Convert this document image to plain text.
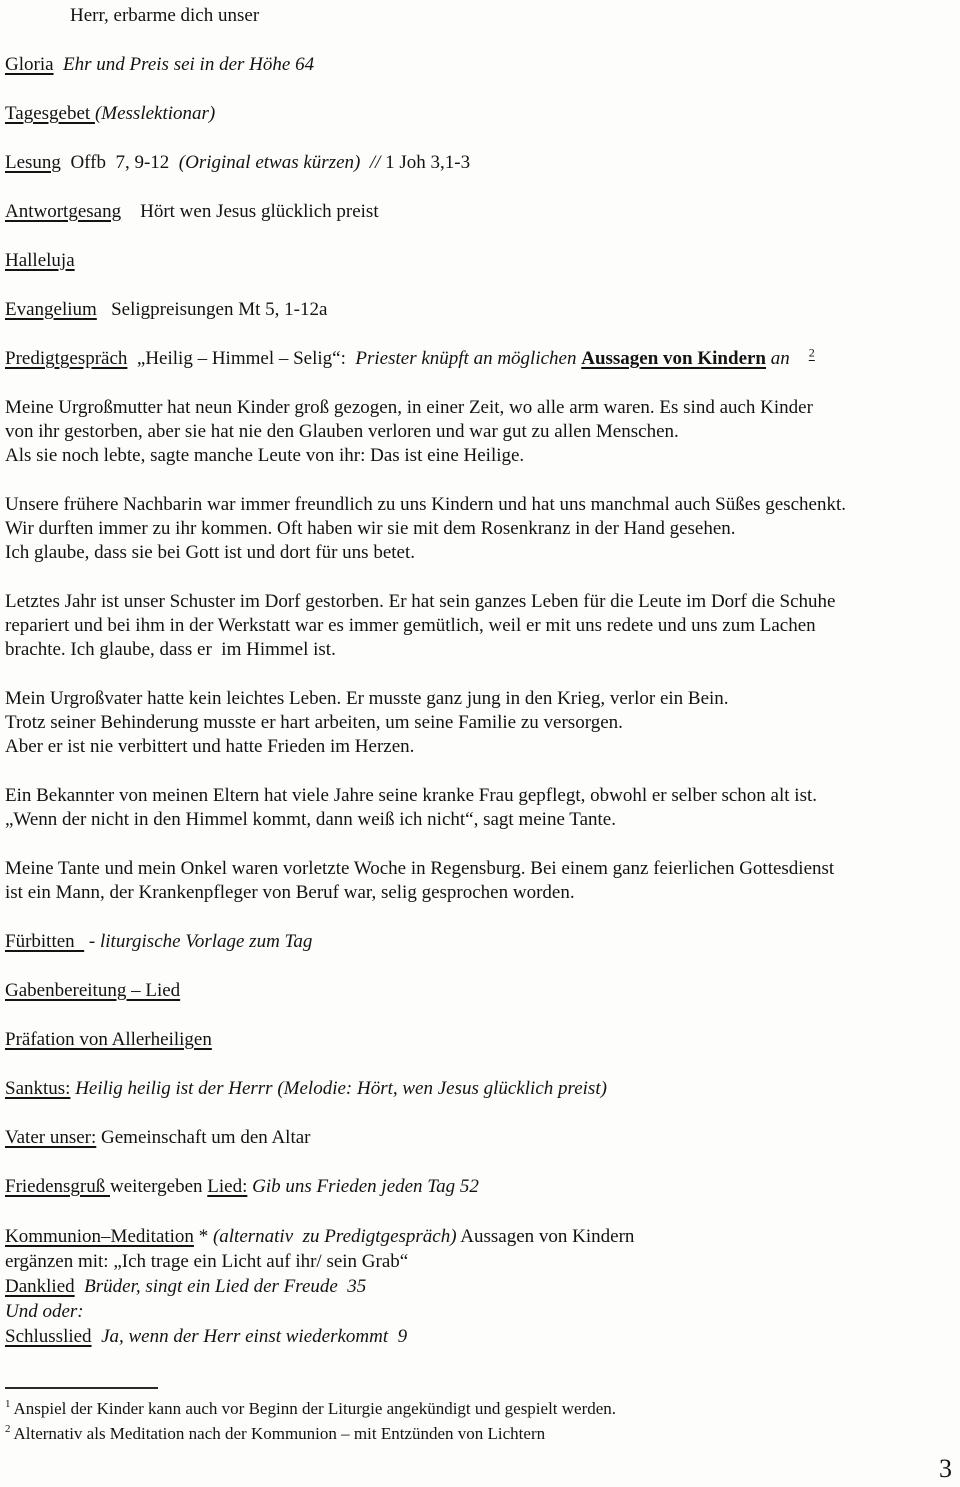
Herr, erbarme dich unser
Gloria Ehr und Preis sei in der Höhe 64
Tagesgebet (Messlektionar)
Lesung  Offb  7, 9-12  (Original etwas kürzen)  // 1 Joh 3,1-3
Antwortgesang    Hört wen Jesus glücklich preist
Halleluja
Evangelium   Seligpreisungen Mt 5, 1-12a
Predigtgespräch  „Heilig – Himmel – Selig“:  Priester knüpft an möglichen Aussagen von Kindern an $^2$
Meine Urgroßmutter hat neun Kinder groß gezogen, in einer Zeit, wo alle arm waren. Es sind auch Kinder
von ihr gestorben, aber sie hat nie den Glauben verloren und war gut zu allen Menschen.
Als sie noch lebte, sagte manche Leute von ihr: Das ist eine Heilige.
Unsere frühere Nachbarin war immer freundlich zu uns Kindern und hat uns manchmal auch Süßes geschenkt.
Wir durften immer zu ihr kommen. Oft haben wir sie mit dem Rosenkranz in der Hand gesehen.
Ich glaube, dass sie bei Gott ist und dort für uns betet.
Letztes Jahr ist unser Schuster im Dorf gestorben. Er hat sein ganzes Leben für die Leute im Dorf die Schuhe
repariert und bei ihm in der Werkstatt war es immer gemütlich, weil er mit uns redete und uns zum Lachen
brachte. Ich glaube, dass er  im Himmel ist.
Mein Urgroßvater hatte kein leichtes Leben. Er musste ganz jung in den Krieg, verlor ein Bein.
Trotz seiner Behinderung musste er hart arbeiten, um seine Familie zu versorgen.
Aber er ist nie verbittert und hatte Frieden im Herzen.
Ein Bekannter von meinen Eltern hat viele Jahre seine kranke Frau gepflegt, obwohl er selber schon alt ist.
„Wenn der nicht in den Himmel kommt, dann weiß ich nicht“, sagt meine Tante.
Meine Tante und mein Onkel waren vorletzte Woche in Regensburg. Bei einem ganz feierlichen Gottesdienst
ist ein Mann, der Krankenpfleger von Beruf war, selig gesprochen worden.
Fürbitten   - liturgische Vorlage zum Tag
Gabenbereitung – Lied
Präfation von Allerheiligen
Sanktus: Heilig heilig ist der Herrr (Melodie: Hört, wen Jesus glücklich preist)
Vater unser: Gemeinschaft um den Altar
Friedensgruß weitergeben Lied: Gib uns Frieden jeden Tag 52
Kommunion–Meditation * (alternativ  zu Predigtgespräch) Aussagen von Kindern
ergänzen mit: „Ich trage ein Licht auf ihr/ sein Grab“
Danklied Brüder, singt ein Lied der Freude  35
Und oder:
Schlusslied Ja, wenn der Herr einst wiederkommt  9
$^1$ Anspiel der Kinder kann auch vor Beginn der Liturgie angekündigt und gespielt werden.
$^2$ Alternativ als Meditation nach der Kommunion – mit Entzünden von Lichtern
3
